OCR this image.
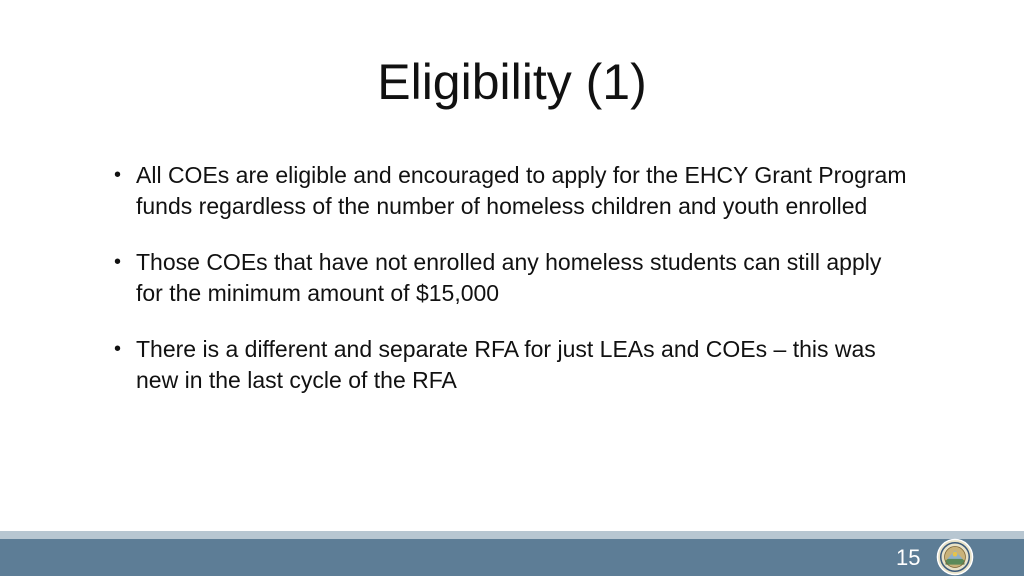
Eligibility (1)
• All COEs are eligible and encouraged to apply for the EHCY Grant Program funds regardless of the number of homeless children and youth enrolled
• Those COEs that have not enrolled any homeless students can still apply for the minimum amount of $15,000
• There is a different and separate RFA for just LEAs and COEs – this was new in the last cycle of the RFA
15
